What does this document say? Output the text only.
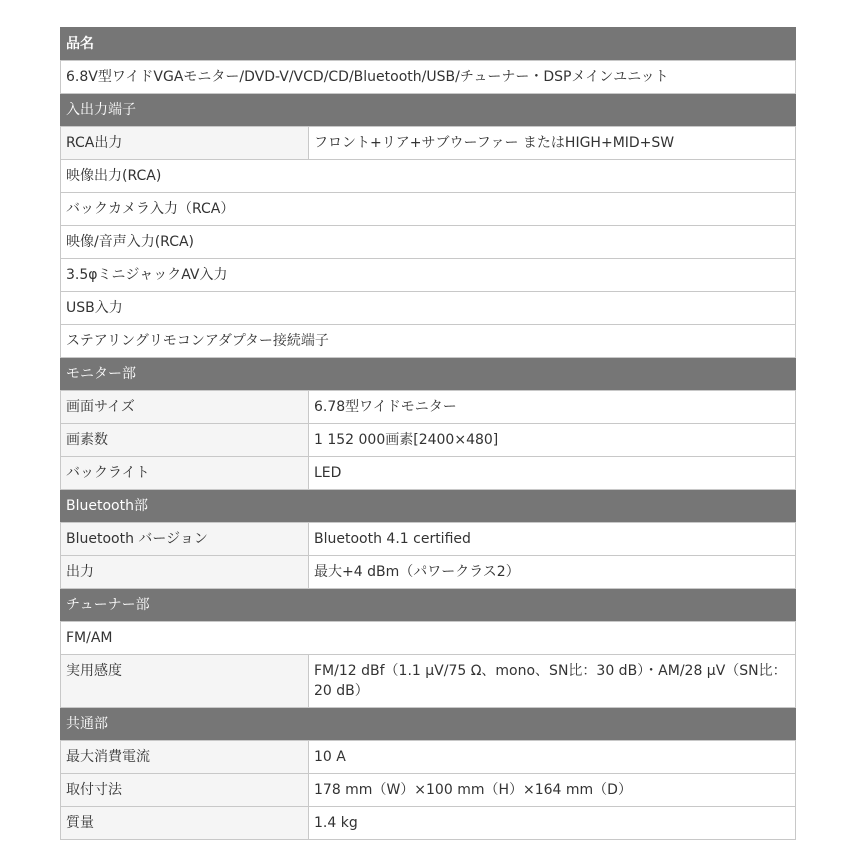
品名	
6.8V型ワイドVGAモニター/DVD-V/VCD/CD/Bluetooth/USB/チューナー・DSPメインユニット	
入出力端子	
RCA出力	フロント+リア+サブウーファー またはHIGH+MID+SW
映像出力(RCA)	
バックカメラ入力（RCA）	
映像/音声入力(RCA)	
3.5φミニジャックAV入力	
USB入力	
ステアリングリモコンアダプター接続端子	
モニター部	
画面サイズ	6.78型ワイドモニター
画素数	1 152 000画素[2400×480]
バックライト	LED
Bluetooth部	
Bluetooth バージョン	Bluetooth 4.1 certified
出力	最大+4 dBm（パワークラス2）
チューナー部	
FM/AM	
実用感度	FM/12 dBf（1.1 μV/75 Ω、mono、SN比：30 dB）・AM/28 μV（SN比：20 dB）
共通部	
最大消費電流	10 A
取付寸法	178 mm（W）×100 mm（H）×164 mm（D）
質量	1.4 kg
